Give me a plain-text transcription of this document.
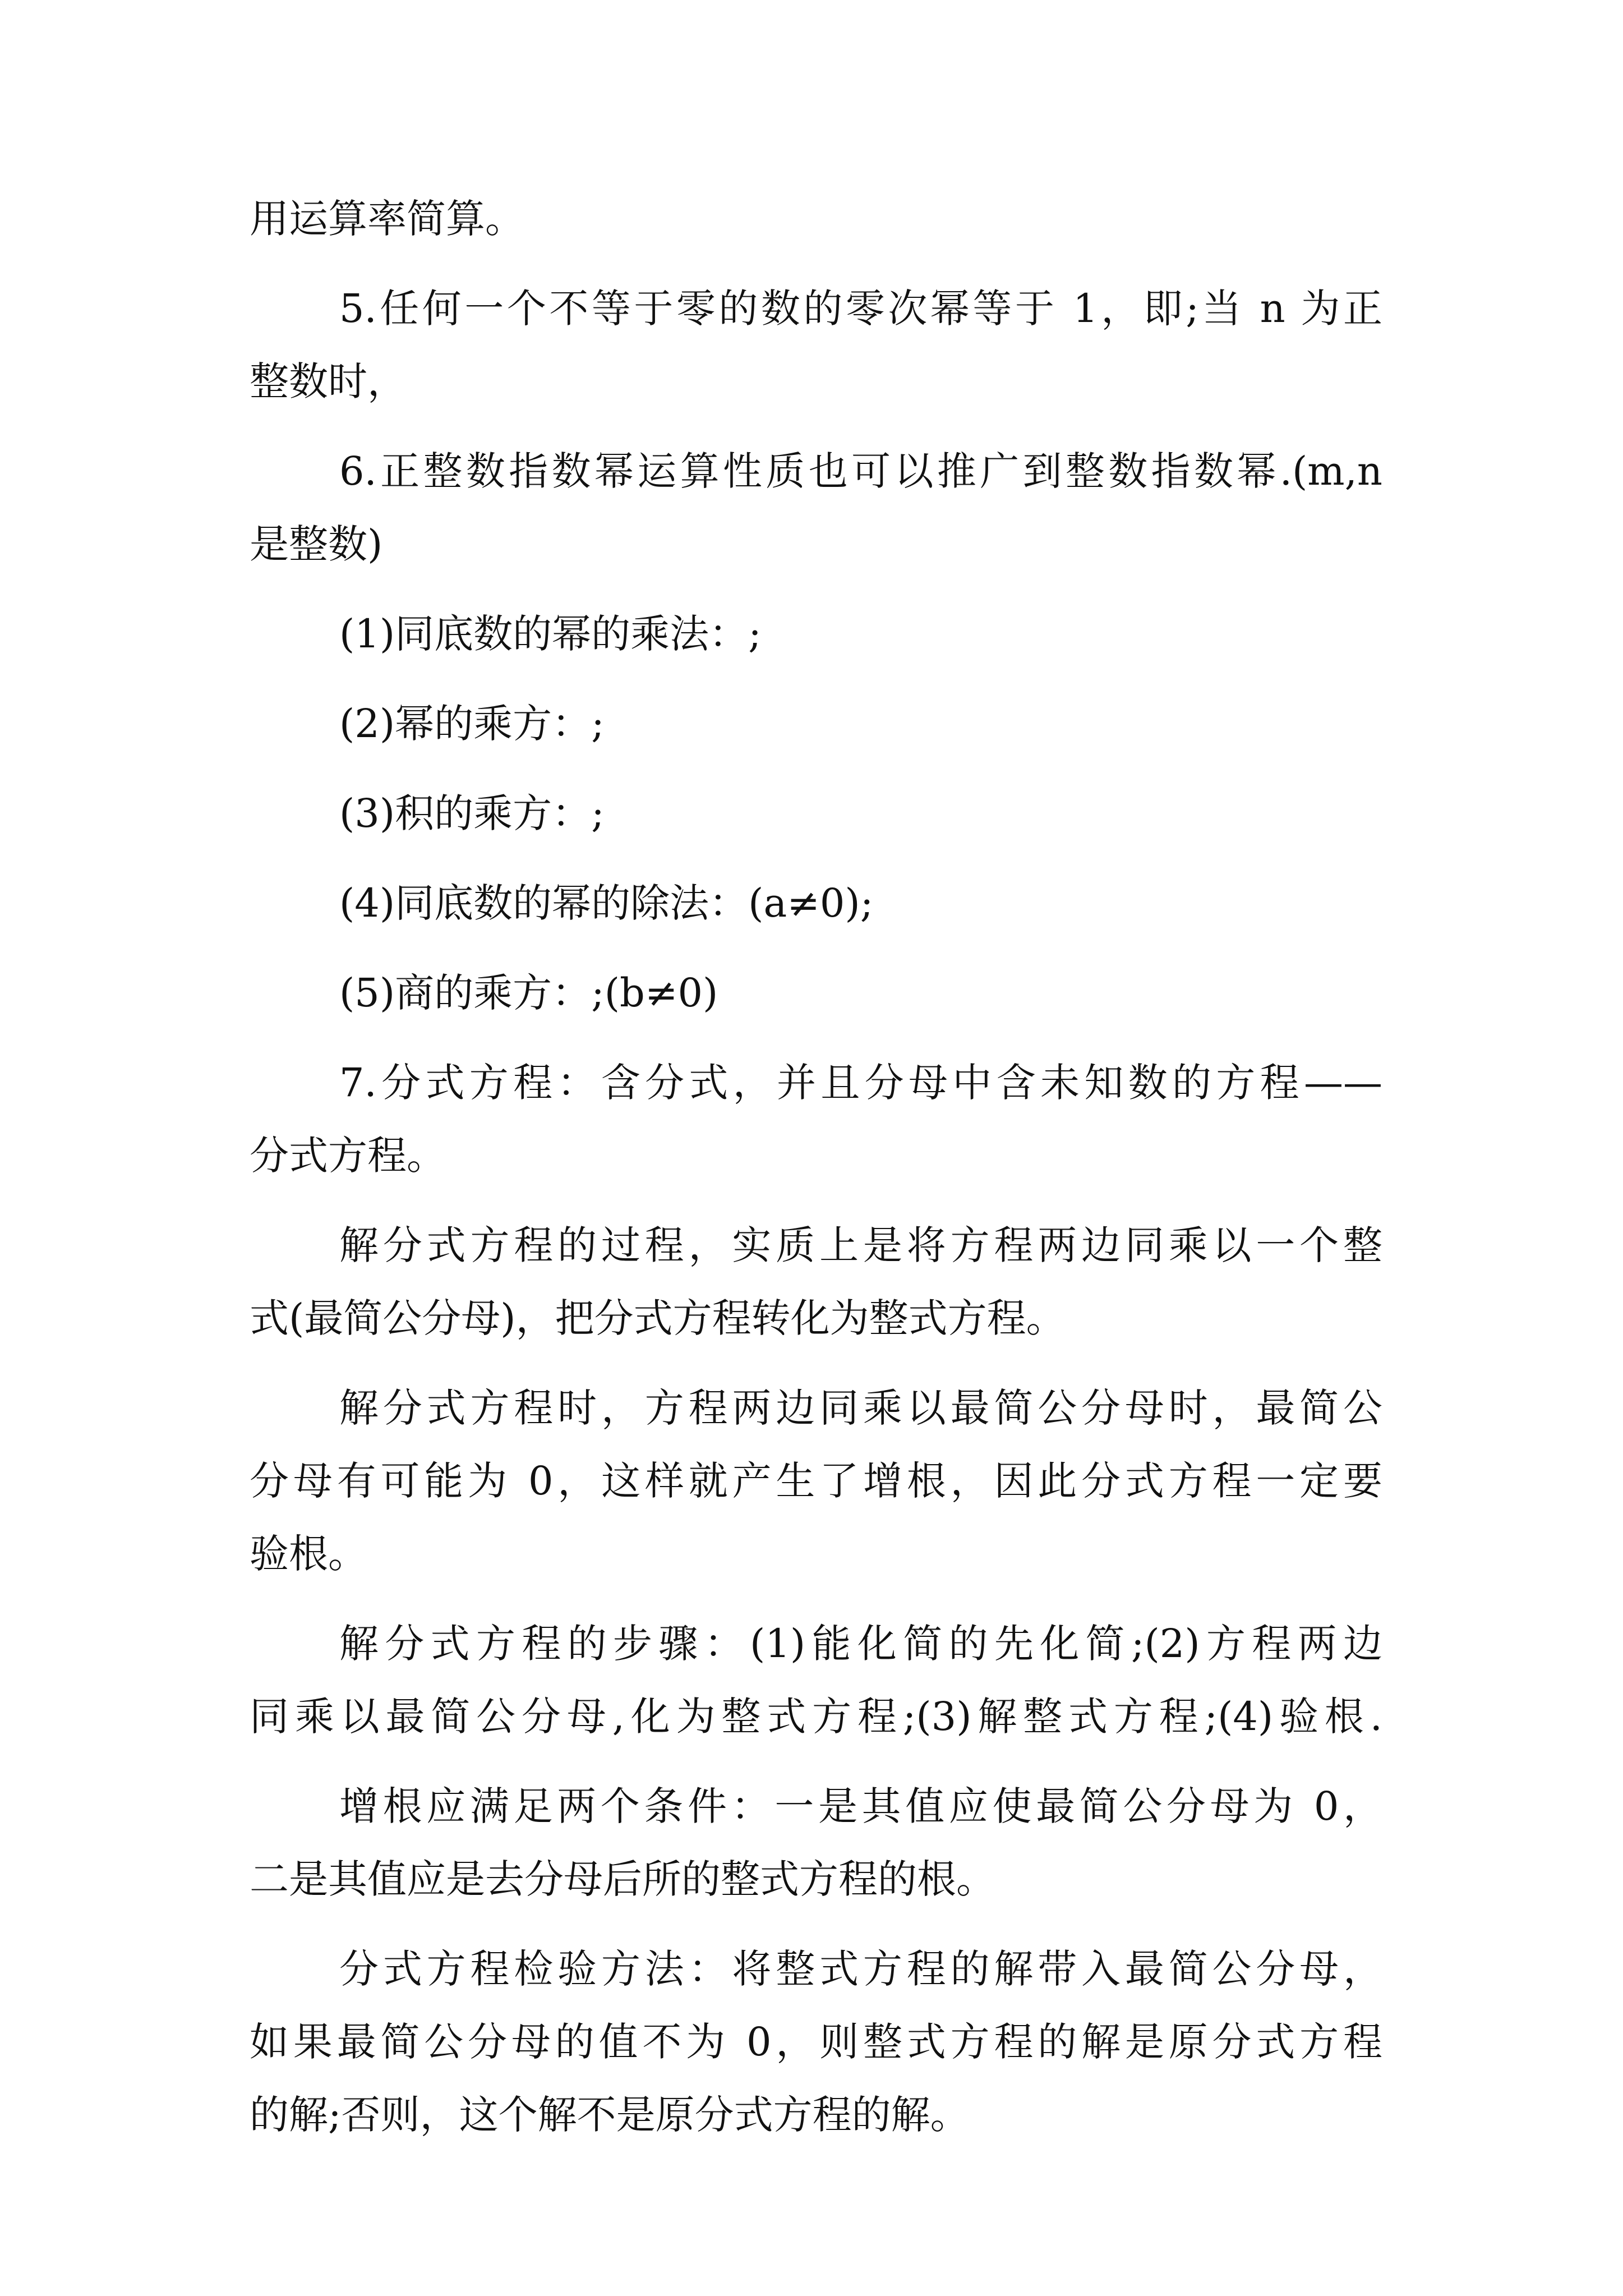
用运算率简算。
5.任何一个不等于零的数的零次幂等于 1，即;当 n 为正
整数时，
6.正整数指数幂运算性质也可以推广到整数指数幂.(m,n
是整数)
(1)同底数的幂的乘法：;
(2)幂的乘方：;
(3)积的乘方：;
(4)同底数的幂的除法：(a≠0);
(5)商的乘方：;(b≠0)
7.分式方程：含分式，并且分母中含未知数的方程——
分式方程。
解分式方程的过程，实质上是将方程两边同乘以一个整
式(最简公分母)，把分式方程转化为整式方程。
解分式方程时，方程两边同乘以最简公分母时，最简公
分母有可能为 0，这样就产生了增根，因此分式方程一定要
验根。
解分式方程的步骤：(1)能化简的先化简;(2)方程两边
同乘以最简公分母,化为整式方程;(3)解整式方程;(4)验根.
增根应满足两个条件：一是其值应使最简公分母为 0，
二是其值应是去分母后所的整式方程的根。
分式方程检验方法：将整式方程的解带入最简公分母，
如果最简公分母的值不为 0，则整式方程的解是原分式方程
的解;否则，这个解不是原分式方程的解。
